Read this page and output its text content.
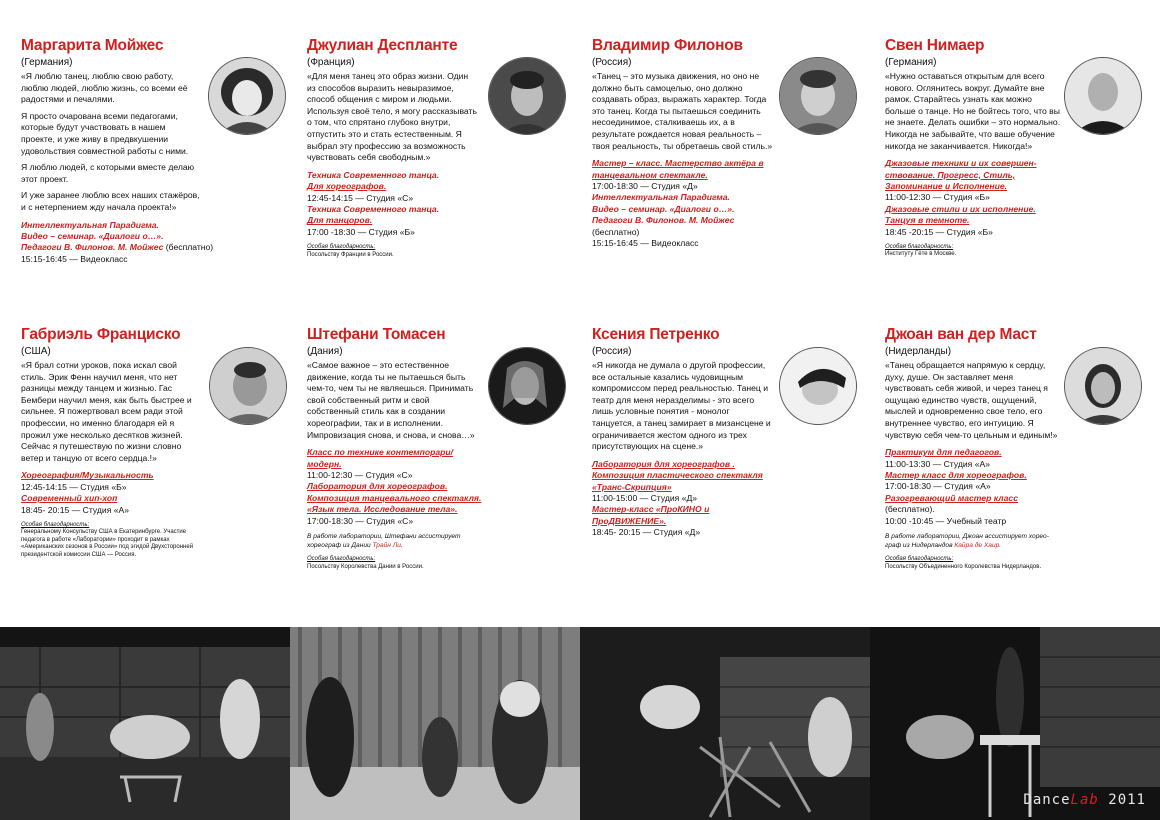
Маргарита Мойжес
(Германия)

«Я люблю танец, люблю свою работу, люблю людей, люблю жизнь, со всеми её радостями и печалями.

Я просто очарована всеми педагогами, которые будут участвовать в нашем проекте, и уже живу в предвкушении удовольствия совместной работы с ними.

Я люблю людей, с которыми вместе делаю этот проект.

И уже заранее люблю всех наших стажёров, и с нетерпением жду начала проекта!»

Интеллектуальная Парадигма.
Видео – семинар. «Диалоги о…».
Педагоги В. Филонов. М. Мойжес (бесплатно)
15:15-16:45 — Видеокласс
Джулиан Десплантe
(Франция)
«Для меня танец это образ жизни. Один из способов выразить невыразимое, способ общения с миром и людьми. Используя своё тело, я могу рассказывать о том, что спрятано глубоко внутри, отпустить это и стать естественным. Я выбрал эту профессию за возможность чувствовать себя свободным.»
Техника Современного танца.
Для хореографов.
12:45-14:15 — Студия «С»
Техника Современного танца.
Для танцоров.
17:00 -18:30 — Студия «Б»
Особая благодарность:
Посольству Франции в России.
Владимир Филонов
(Россия)
«Танец – это музыка движения, но оно не должно быть самоцелью, оно должно создавать образ, выражать характер. Тогда это танец. Когда ты пытаешься соединить несоединимое, сталкиваешь их, а в результате рождается новая реальность – твоя реальность, ты обретаешь свой стиль.»
Мастер – класс. Мастерство актёра в танцевальном спектакле.
17:00-18:30 — Студия «Д»
Интеллектуальная Парадигма.
Видео – семинар. «Диалоги о…».
Педагоги В. Филонов. М. Мойжес (бесплатно)
15:15-16:45 — Видеокласс
Свен Нимаер
(Германия)
«Нужно оставаться открытым для всего нового. Оглянитесь вокруг. Думайте вне рамок. Старайтесь узнать как можно больше о танце. Но не бойтесь того, что вы не знаете. Делать ошибки – это нормально. Никогда не забывайте, что ваше обучение никогда не заканчивается. Никогда!»
Джазовые техники и их совершен-ствование. Прогресс, Стиль, Запоминание и Исполнение.
11:00-12:30 — Студия «Б»
Джазовые стили и их исполнение. Танцуя в темноте.
18:45 -20:15 — Студия «Б»
Особая благодарность:
Институту Гёте в Москве.
Габриэль Франциско
(США)
«Я брал сотни уроков, пока искал свой стиль. Эрик Фенн научил меня, что нет разницы между танцем и жизнью. Гас Бембери научил меня, как быть быстрее и сильнее. Я пожертвовал всем ради этой профессии, но именно благодаря ей я прожил уже несколько десятков жизней. Сейчас я путешествую по жизни словно ветер и танцую от всего сердца.!»
Хореография/Музыкальность
12:45-14:15 — Студия «Б»
Современный хип-хоп
18:45- 20:15 — Студия «А»
Особая благодарность:
Генеральному Консульству США в Екатеринбурге. Участие педагога в работе «Лаборатории» проходит в рамках «Американских сезонов в России» под эгидой Двухсторонней президентской комиссии США — Россия.
Штефани Томасен
(Дания)
«Самое важное – это естественное движение, когда ты не пытаешься быть чем-то, чем ты не являешься. Принимать свой собственный ритм и свой собственный стиль как в создании хореографии, так и в исполнении. Импровизация снова, и снова, и снова…»
Класс по технике контемпорари/модерн.
11:00-12:30 — Студия «С»
Лаборатория для хореографов. Композиция танцевального спектакля. «Язык тела. Исследование тела».
17:00-18:30 — Студия «С»
В работе лаборатории, Штефани ассистирует хореограф из Дании Трайн Ли.
Особая благодарность:
Посольству Королевства Дании в России.
Ксения Петренко
(Россия)
«Я никогда не думала о другой профессии, все остальные казались чудовищным компромиссом перед реальностью. Танец и театр для меня неразделимы - это всего лишь условные понятия - монолог танцуется, а танец замирает в мизансцене и ограничивается жестом одного из трех присутствующих на сцене.»
Лаборатория для хореографов . Композиция пластического спектакля «Транс-Скрипция»
11:00-15:00 — Студия «Д»
Мастер-класс «ПроКИНО и ПроДВИЖЕНИЕ».
18:45- 20:15 — Студия «Д»
Джоан ван дер Маст
(Нидерланды)
«Танец обращается напрямую к сердцу, духу, душе. Он заставляет меня чувствовать себя живой, и через танец я ощущаю единство чувств, ощущений, мыслей и одновременно свое тело, его внутреннее чувство, его интуицию. Я чувствую себя чем-то цельным и единым!»
Практикум для педагогов.
11:00-13:30 — Студия «А»
Мастер класс для хореографов.
17:00-18:30 — Студия «А»
Разогревающий мастер класс (бесплатно).
10:00 -10:45 — Учебный театр
В работе лаборатории, Джоан ассистирует хорео-граф из Нидерландов Кайра де Хаир.
Особая благодарность:
Посольству Объединенного Королевства Нидерландов.
DanceLab 2011
